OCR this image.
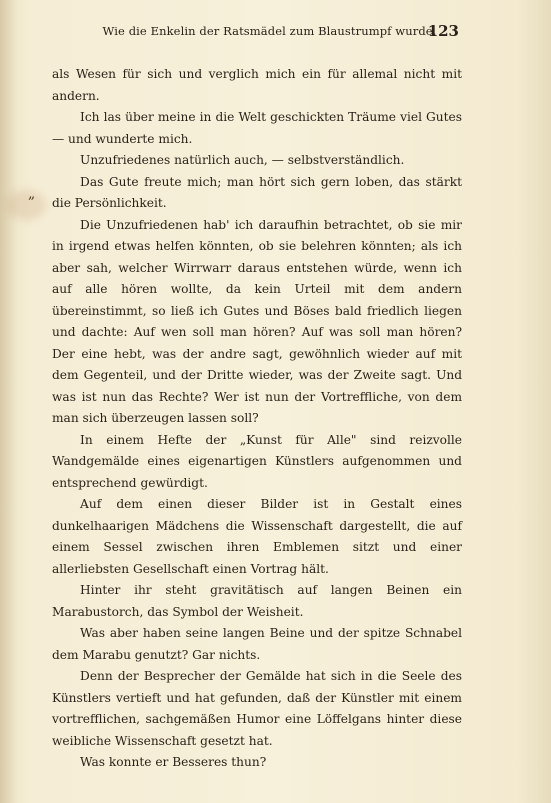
Wie die Enkelin der Ratsmädel zum Blaustrumpf wurde.
123
„

als Wesen für sich und verglich mich ein für allemal nicht mit andern.

Ich las über meine in die Welt geschickten Träume viel Gutes — und wunderte mich.

Unzufriedenes natürlich auch, — selbstverständlich.

Das Gute freute mich; man hört sich gern loben, das stärkt die Persönlichkeit.

Die Unzufriedenen hab' ich daraufhin betrachtet, ob sie mir in irgend etwas helfen könnten, ob sie belehren könnten; als ich aber sah, welcher Wirrwarr daraus entstehen würde, wenn ich auf alle hören wollte, da kein Urteil mit dem andern übereinstimmt, so ließ ich Gutes und Böses bald friedlich liegen und dachte: Auf wen soll man hören? Auf was soll man hören? Der eine hebt, was der andre sagt, gewöhnlich wieder auf mit dem Gegenteil, und der Dritte wieder, was der Zweite sagt. Und was ist nun das Rechte? Wer ist nun der Vortreffliche, von dem man sich überzeugen lassen soll?

In einem Hefte der „Kunst für Alle" sind reizvolle Wandgemälde eines eigenartigen Künstlers aufgenommen und entsprechend gewürdigt.

Auf dem einen dieser Bilder ist in Gestalt eines dunkelhaarigen Mädchens die Wissenschaft dargestellt, die auf einem Sessel zwischen ihren Emblemen sitzt und einer allerliebsten Gesellschaft einen Vortrag hält.

Hinter ihr steht gravitätisch auf langen Beinen ein Marabustorch, das Symbol der Weisheit.

Was aber haben seine langen Beine und der spitze Schnabel dem Marabu genutzt? Gar nichts.

Denn der Besprecher der Gemälde hat sich in die Seele des Künstlers vertieft und hat gefunden, daß der Künstler mit einem vortrefflichen, sachgemäßen Humor eine Löffelgans hinter diese weibliche Wissenschaft gesetzt hat.

Was konnte er Besseres thun?
